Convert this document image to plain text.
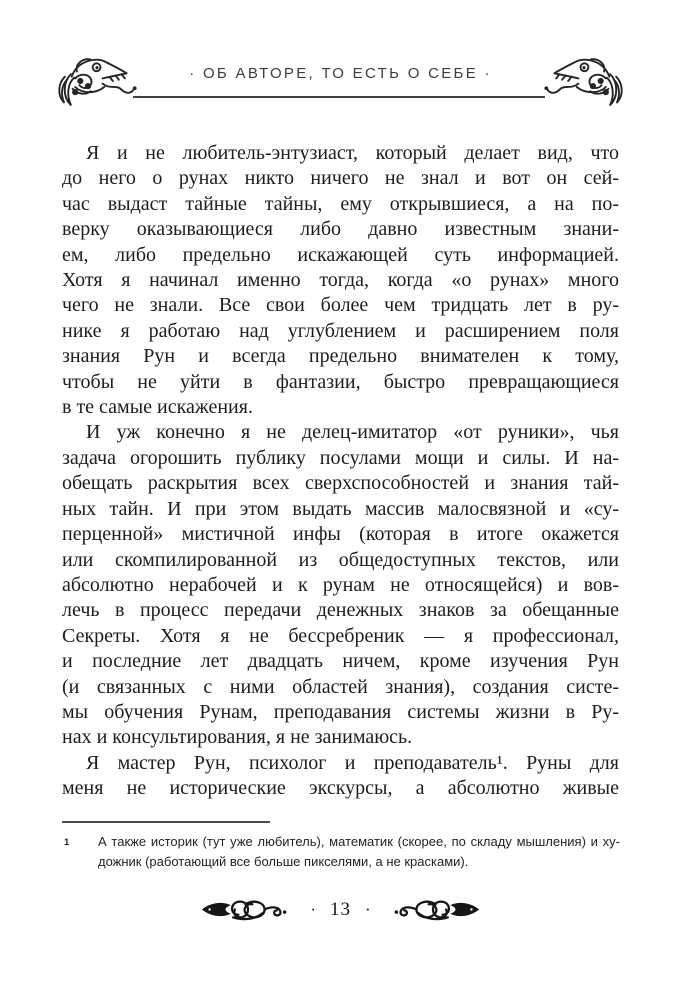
· ОБ АВТОРЕ, ТО ЕСТЬ О СЕБЕ ·
Я и не любитель-энтузиаст, который делает вид, что
до него о рунах никто ничего не знал и вот он сей-
час выдаст тайные тайны, ему открывшиеся, а на по-
верку оказывающиеся либо давно известным знани-
ем, либо предельно искажающей суть информацией.
Хотя я начинал именно тогда, когда «о рунах» много
чего не знали. Все свои более чем тридцать лет в ру-
нике я работаю над углублением и расширением поля
знания Рун и всегда предельно внимателен к тому,
чтобы не уйти в фантазии, быстро превращающиеся
в те самые искажения.
И уж конечно я не делец-имитатор «от руники», чья
задача огорошить публику посулами мощи и силы. И на-
обещать раскрытия всех сверхспособностей и знания тай-
ных тайн. И при этом выдать массив малосвязной и «су-
перценной» мистичной инфы (которая в итоге окажется
или скомпилированной из общедоступных текстов, или
абсолютно нерабочей и к рунам не относящейся) и вов-
лечь в процесс передачи денежных знаков за обещанные
Секреты. Хотя я не бессребреник — я профессионал,
и последние лет двадцать ничем, кроме изучения Рун
(и связанных с ними областей знания), создания систе-
мы обучения Рунам, преподавания системы жизни в Ру-
нах и консультирования, я не занимаюсь.
Я мастер Рун, психолог и преподаватель¹. Руны для
меня не исторические экскурсы, а абсолютно живые
1 А также историк (тут уже любитель), математик (скорее, по складу мышления) и ху-
дожник (работающий все больше пикселями, а не красками).
· 13 ·
